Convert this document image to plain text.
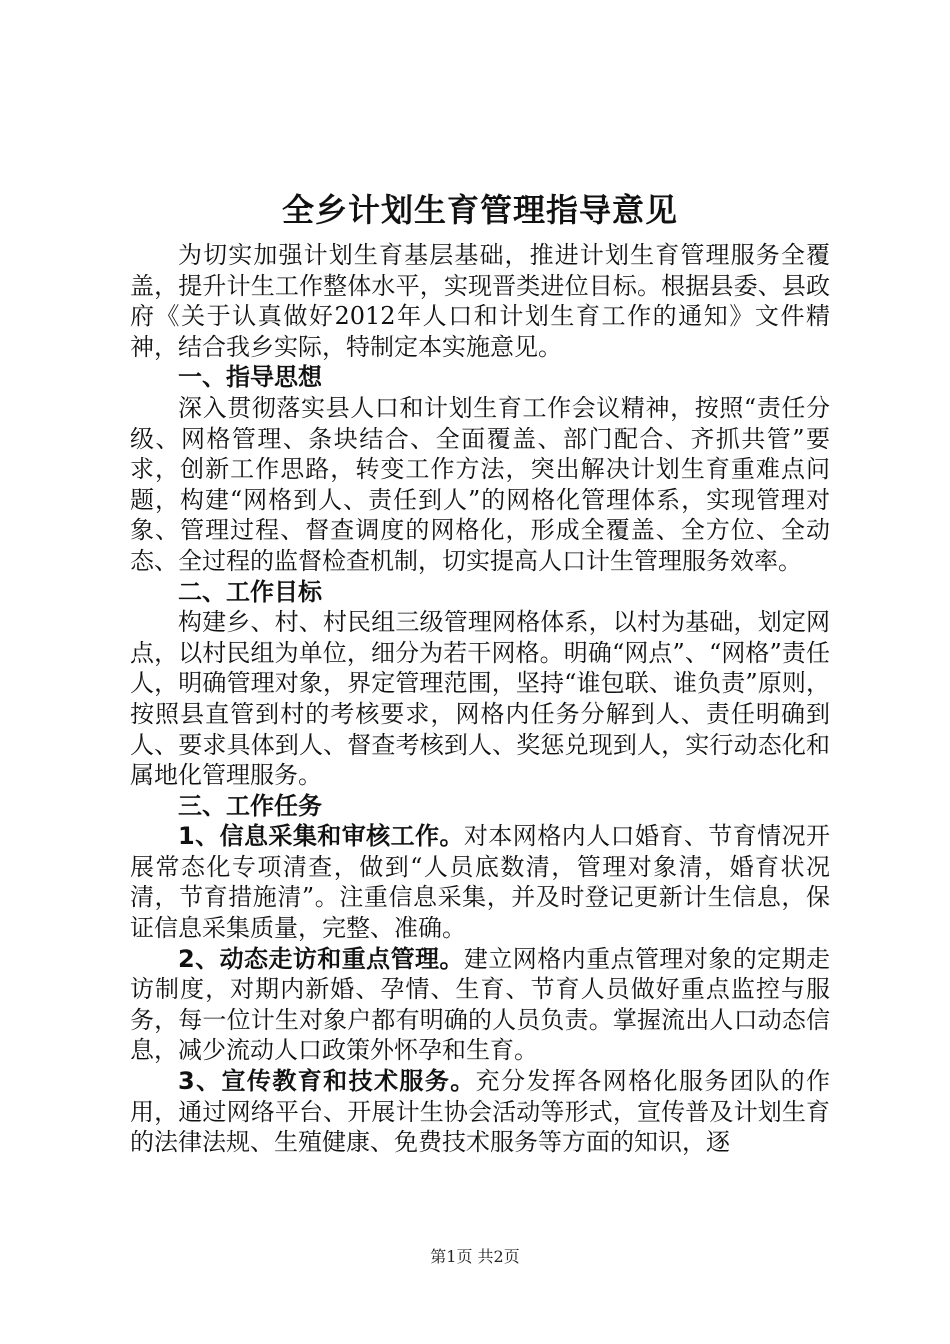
全乡计划生育管理指导意见

为切实加强计划生育基层基础，推进计划生育管理服务全覆盖，提升计生工作整体水平，实现晋类进位目标。根据县委、县政府《关于认真做好2012年人口和计划生育工作的通知》文件精神，结合我乡实际，特制定本实施意见。

一、指导思想

深入贯彻落实县人口和计划生育工作会议精神，按照“责任分级、网格管理、条块结合、全面覆盖、部门配合、齐抓共管”要求，创新工作思路，转变工作方法，突出解决计划生育重难点问题，构建“网格到人、责任到人”的网格化管理体系，实现管理对象、管理过程、督查调度的网格化，形成全覆盖、全方位、全动态、全过程的监督检查机制，切实提高人口计生管理服务效率。

二、工作目标

构建乡、村、村民组三级管理网格体系，以村为基础，划定网点，以村民组为单位，细分为若干网格。明确“网点”、“网格”责任人，明确管理对象，界定管理范围，坚持“谁包联、谁负责”原则，按照县直管到村的考核要求，网格内任务分解到人、责任明确到人、要求具体到人、督查考核到人、奖惩兑现到人，实行动态化和属地化管理服务。

三、工作任务

1、信息采集和审核工作。对本网格内人口婚育、节育情况开展常态化专项清查，做到“人员底数清，管理对象清，婚育状况清，节育措施清”。注重信息采集，并及时登记更新计生信息，保证信息采集质量，完整、准确。

2、动态走访和重点管理。建立网格内重点管理对象的定期走访制度，对期内新婚、孕情、生育、节育人员做好重点监控与服务，每一位计生对象户都有明确的人员负责。掌握流出人口动态信息，减少流动人口政策外怀孕和生育。

3、宣传教育和技术服务。充分发挥各网格化服务团队的作用，通过网络平台、开展计生协会活动等形式，宣传普及计划生育的法律法规、生殖健康、免费技术服务等方面的知识，逐

第1页 共2页
